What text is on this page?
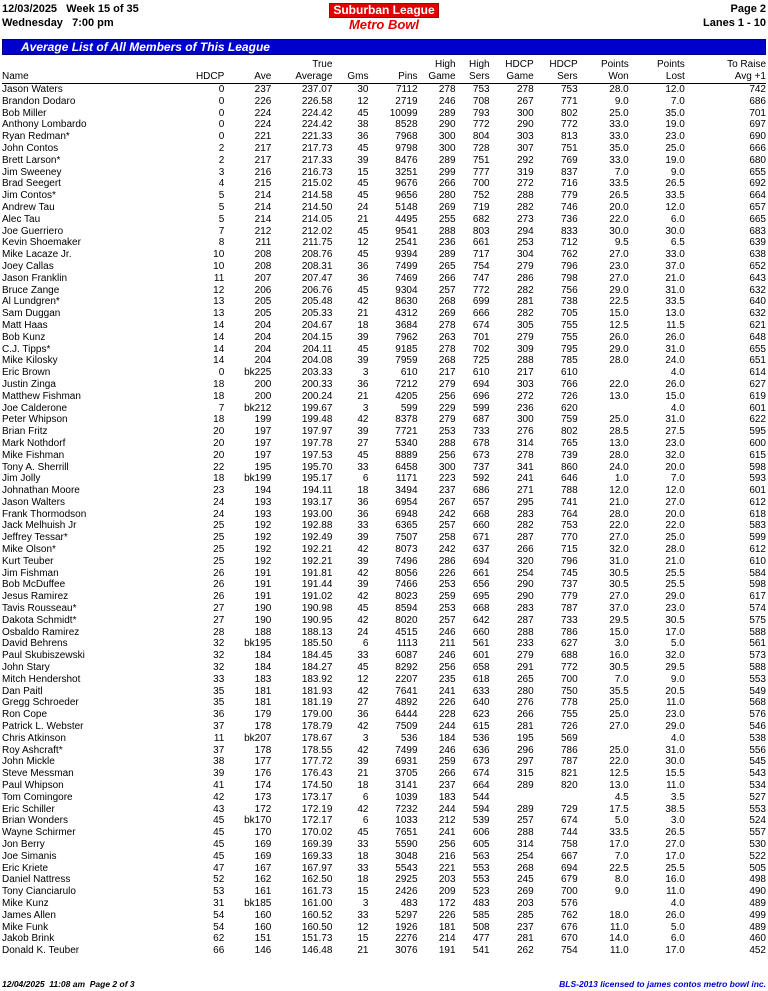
12/03/2025 Week 15 of 35	Suburban League	Page 2
Wednesday   7:00 pm	Metro Bowl	Lanes 1 - 10
Average List of All Members of This League
Name	HDCP	Ave	True
Average	Gms	Pins	High
Game	High
Sers	HDCP
Game	HDCP
Sers	Points
Won	Points
Lost	To Raise
Avg +1
Jason Waters	0	237	237.07	30	7112	278	753	278	753	28.0	12.0	742
Brandon Dodaro	0	226	226.58	12	2719	246	708	267	771	9.0	7.0	686
Bob Miller	0	224	224.42	45	10099	289	793	300	802	25.0	35.0	701
Anthony Lombardo	0	224	224.42	38	8528	290	772	290	772	33.0	19.0	697
Ryan Redman*	0	221	221.33	36	7968	300	804	303	813	33.0	23.0	690
John Contos	2	217	217.73	45	9798	300	728	307	751	35.0	25.0	666
Brett Larson*	2	217	217.33	39	8476	289	751	292	769	33.0	19.0	680
Jim Sweeney	3	216	216.73	15	3251	299	777	319	837	7.0	9.0	655
Brad Seegert	4	215	215.02	45	9676	266	700	272	716	33.5	26.5	692
Jim Contos*	5	214	214.58	45	9656	280	752	288	779	26.5	33.5	664
Andrew Tau	5	214	214.50	24	5148	269	719	282	746	20.0	12.0	657
Alec Tau	5	214	214.05	21	4495	255	682	273	736	22.0	6.0	665
Joe Guerriero	7	212	212.02	45	9541	288	803	294	833	30.0	30.0	683
Kevin Shoemaker	8	211	211.75	12	2541	236	661	253	712	9.5	6.5	639
Mike Lacaze Jr.	10	208	208.76	45	9394	289	717	304	762	27.0	33.0	638
Joey Callas	10	208	208.31	36	7499	265	754	279	796	23.0	37.0	652
Jason Franklin	11	207	207.47	36	7469	266	747	286	798	27.0	21.0	643
Bruce Zange	12	206	206.76	45	9304	257	772	282	756	29.0	31.0	632
Al Lundgren*	13	205	205.48	42	8630	268	699	281	738	22.5	33.5	640
Sam Duggan	13	205	205.33	21	4312	269	666	282	705	15.0	13.0	632
Matt Haas	14	204	204.67	18	3684	278	674	305	755	12.5	11.5	621
Bob Kunz	14	204	204.15	39	7962	263	701	279	755	26.0	26.0	648
C.J. Tipps*	14	204	204.11	45	9185	278	702	309	795	29.0	31.0	655
Mike Kilosky	14	204	204.08	39	7959	268	725	288	785	28.0	24.0	651
Eric Brown	0	bk225	203.33	3	610	217	610	217	610		4.0	614
Justin Zinga	18	200	200.33	36	7212	279	694	303	766	22.0	26.0	627
Matthew Fishman	18	200	200.24	21	4205	256	696	272	726	13.0	15.0	619
Joe Calderone	7	bk212	199.67	3	599	229	599	236	620		4.0	601
Peter Whipson	18	199	199.48	42	8378	279	687	300	759	25.0	31.0	622
Brian Fritz	20	197	197.97	39	7721	253	733	276	802	28.5	27.5	595
Mark Nothdorf	20	197	197.78	27	5340	288	678	314	765	13.0	23.0	600
Mike Fishman	20	197	197.53	45	8889	256	673	278	739	28.0	32.0	615
Tony A. Sherrill	22	195	195.70	33	6458	300	737	341	860	24.0	20.0	598
Jim Jolly	18	bk199	195.17	6	1171	223	592	241	646	1.0	7.0	593
Johnathan Moore	23	194	194.11	18	3494	237	686	271	788	12.0	12.0	601
Jason Walters	24	193	193.17	36	6954	267	657	295	741	21.0	27.0	612
Frank Thormodson	24	193	193.00	36	6948	242	668	283	764	28.0	20.0	618
Jack Melhuish Jr	25	192	192.88	33	6365	257	660	282	753	22.0	22.0	583
Jeffrey Tessar*	25	192	192.49	39	7507	258	671	287	770	27.0	25.0	599
Mike Olson*	25	192	192.21	42	8073	242	637	266	715	32.0	28.0	612
Kurt Teuber	25	192	192.21	39	7496	286	694	320	796	31.0	21.0	610
Jim Fishman	26	191	191.81	42	8056	226	661	254	745	30.5	25.5	584
Bob McDuffee	26	191	191.44	39	7466	253	656	290	737	30.5	25.5	598
Jesus Ramirez	26	191	191.02	42	8023	259	695	290	779	27.0	29.0	617
Tavis Rousseau*	27	190	190.98	45	8594	253	668	283	787	37.0	23.0	574
Dakota Schmidt*	27	190	190.95	42	8020	257	642	287	733	29.5	30.5	575
Osbaldo Ramirez	28	188	188.13	24	4515	246	660	288	786	15.0	17.0	588
David Behrens	32	bk195	185.50	6	1113	211	561	233	627	3.0	5.0	561
Paul Skubiszewski	32	184	184.45	33	6087	246	601	279	688	16.0	32.0	573
John Stary	32	184	184.27	45	8292	256	658	291	772	30.5	29.5	588
Mitch Hendershot	33	183	183.92	12	2207	235	618	265	700	7.0	9.0	553
Dan Paitl	35	181	181.93	42	7641	241	633	280	750	35.5	20.5	549
Gregg Schroeder	35	181	181.19	27	4892	226	640	276	778	25.0	11.0	568
Ron Cope	36	179	179.00	36	6444	228	623	266	755	25.0	23.0	576
Patrick L. Webster	37	178	178.79	42	7509	244	615	281	726	27.0	29.0	546
Chris Atkinson	11	bk207	178.67	3	536	184	536	195	569		4.0	538
Roy Ashcraft*	37	178	178.55	42	7499	246	636	296	786	25.0	31.0	556
John Mickle	38	177	177.72	39	6931	259	673	297	787	22.0	30.0	545
Steve Messman	39	176	176.43	21	3705	266	674	315	821	12.5	15.5	543
Paul Whipson	41	174	174.50	18	3141	237	664	289	820	13.0	11.0	534
Tom Comingore	42	173	173.17	6	1039	183	544			4.5	3.5	527
Eric Schiller	43	172	172.19	42	7232	244	594	289	729	17.5	38.5	553
Brian Wonders	45	bk170	172.17	6	1033	212	539	257	674	5.0	3.0	524
Wayne Schirmer	45	170	170.02	45	7651	241	606	288	744	33.5	26.5	557
Jon Berry	45	169	169.39	33	5590	256	605	314	758	17.0	27.0	530
Joe Simanis	45	169	169.33	18	3048	216	563	254	667	7.0	17.0	522
Eric Kriete	47	167	167.97	33	5543	221	553	268	694	22.5	25.5	505
Daniel Nattress	52	162	162.50	18	2925	203	553	245	679	8.0	16.0	498
Tony Cianciarulo	53	161	161.73	15	2426	209	523	269	700	9.0	11.0	490
Mike Kunz	31	bk185	161.00	3	483	172	483	203	576		4.0	489
James Allen	54	160	160.52	33	5297	226	585	285	762	18.0	26.0	499
Mike Funk	54	160	160.50	12	1926	181	508	237	676	11.0	5.0	489
Jakob Brink	62	151	151.73	15	2276	214	477	281	670	14.0	6.0	460
Donald K. Teuber	66	146	146.48	21	3076	191	541	262	754	11.0	17.0	452
12/04/2025  11:08 am  Page 2 of 3	BLS-2013 licensed to james contos metro bowl inc.
